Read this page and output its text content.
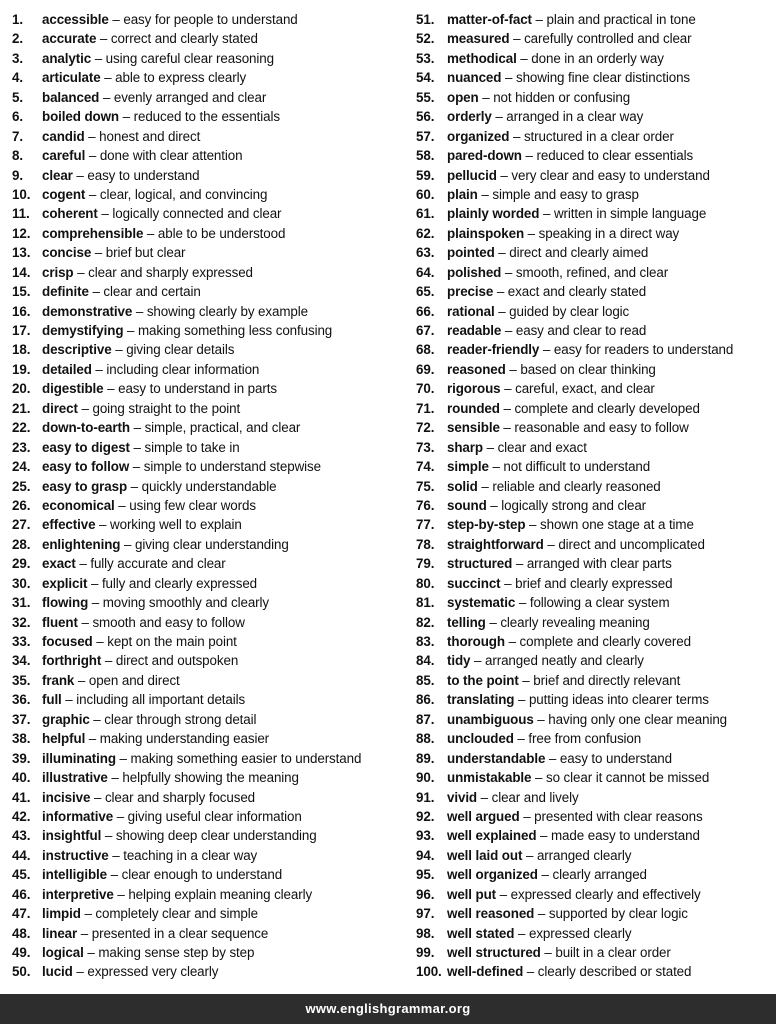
1. accessible – easy for people to understand
2. accurate – correct and clearly stated
3. analytic – using careful clear reasoning
4. articulate – able to express clearly
5. balanced – evenly arranged and clear
6. boiled down – reduced to the essentials
7. candid – honest and direct
8. careful – done with clear attention
9. clear – easy to understand
10. cogent – clear, logical, and convincing
11. coherent – logically connected and clear
12. comprehensible – able to be understood
13. concise – brief but clear
14. crisp – clear and sharply expressed
15. definite – clear and certain
16. demonstrative – showing clearly by example
17. demystifying – making something less confusing
18. descriptive – giving clear details
19. detailed – including clear information
20. digestible – easy to understand in parts
21. direct – going straight to the point
22. down-to-earth – simple, practical, and clear
23. easy to digest – simple to take in
24. easy to follow – simple to understand stepwise
25. easy to grasp – quickly understandable
26. economical – using few clear words
27. effective – working well to explain
28. enlightening – giving clear understanding
29. exact – fully accurate and clear
30. explicit – fully and clearly expressed
31. flowing – moving smoothly and clearly
32. fluent – smooth and easy to follow
33. focused – kept on the main point
34. forthright – direct and outspoken
35. frank – open and direct
36. full – including all important details
37. graphic – clear through strong detail
38. helpful – making understanding easier
39. illuminating – making something easier to understand
40. illustrative – helpfully showing the meaning
41. incisive – clear and sharply focused
42. informative – giving useful clear information
43. insightful – showing deep clear understanding
44. instructive – teaching in a clear way
45. intelligible – clear enough to understand
46. interpretive – helping explain meaning clearly
47. limpid – completely clear and simple
48. linear – presented in a clear sequence
49. logical – making sense step by step
50. lucid – expressed very clearly
51. matter-of-fact – plain and practical in tone
52. measured – carefully controlled and clear
53. methodical – done in an orderly way
54. nuanced – showing fine clear distinctions
55. open – not hidden or confusing
56. orderly – arranged in a clear way
57. organized – structured in a clear order
58. pared-down – reduced to clear essentials
59. pellucid – very clear and easy to understand
60. plain – simple and easy to grasp
61. plainly worded – written in simple language
62. plainspoken – speaking in a direct way
63. pointed – direct and clearly aimed
64. polished – smooth, refined, and clear
65. precise – exact and clearly stated
66. rational – guided by clear logic
67. readable – easy and clear to read
68. reader-friendly – easy for readers to understand
69. reasoned – based on clear thinking
70. rigorous – careful, exact, and clear
71. rounded – complete and clearly developed
72. sensible – reasonable and easy to follow
73. sharp – clear and exact
74. simple – not difficult to understand
75. solid – reliable and clearly reasoned
76. sound – logically strong and clear
77. step-by-step – shown one stage at a time
78. straightforward – direct and uncomplicated
79. structured – arranged with clear parts
80. succinct – brief and clearly expressed
81. systematic – following a clear system
82. telling – clearly revealing meaning
83. thorough – complete and clearly covered
84. tidy – arranged neatly and clearly
85. to the point – brief and directly relevant
86. translating – putting ideas into clearer terms
87. unambiguous – having only one clear meaning
88. unclouded – free from confusion
89. understandable – easy to understand
90. unmistakable – so clear it cannot be missed
91. vivid – clear and lively
92. well argued – presented with clear reasons
93. well explained – made easy to understand
94. well laid out – arranged clearly
95. well organized – clearly arranged
96. well put – expressed clearly and effectively
97. well reasoned – supported by clear logic
98. well stated – expressed clearly
99. well structured – built in a clear order
100. well-defined – clearly described or stated
www.englishgrammar.org
